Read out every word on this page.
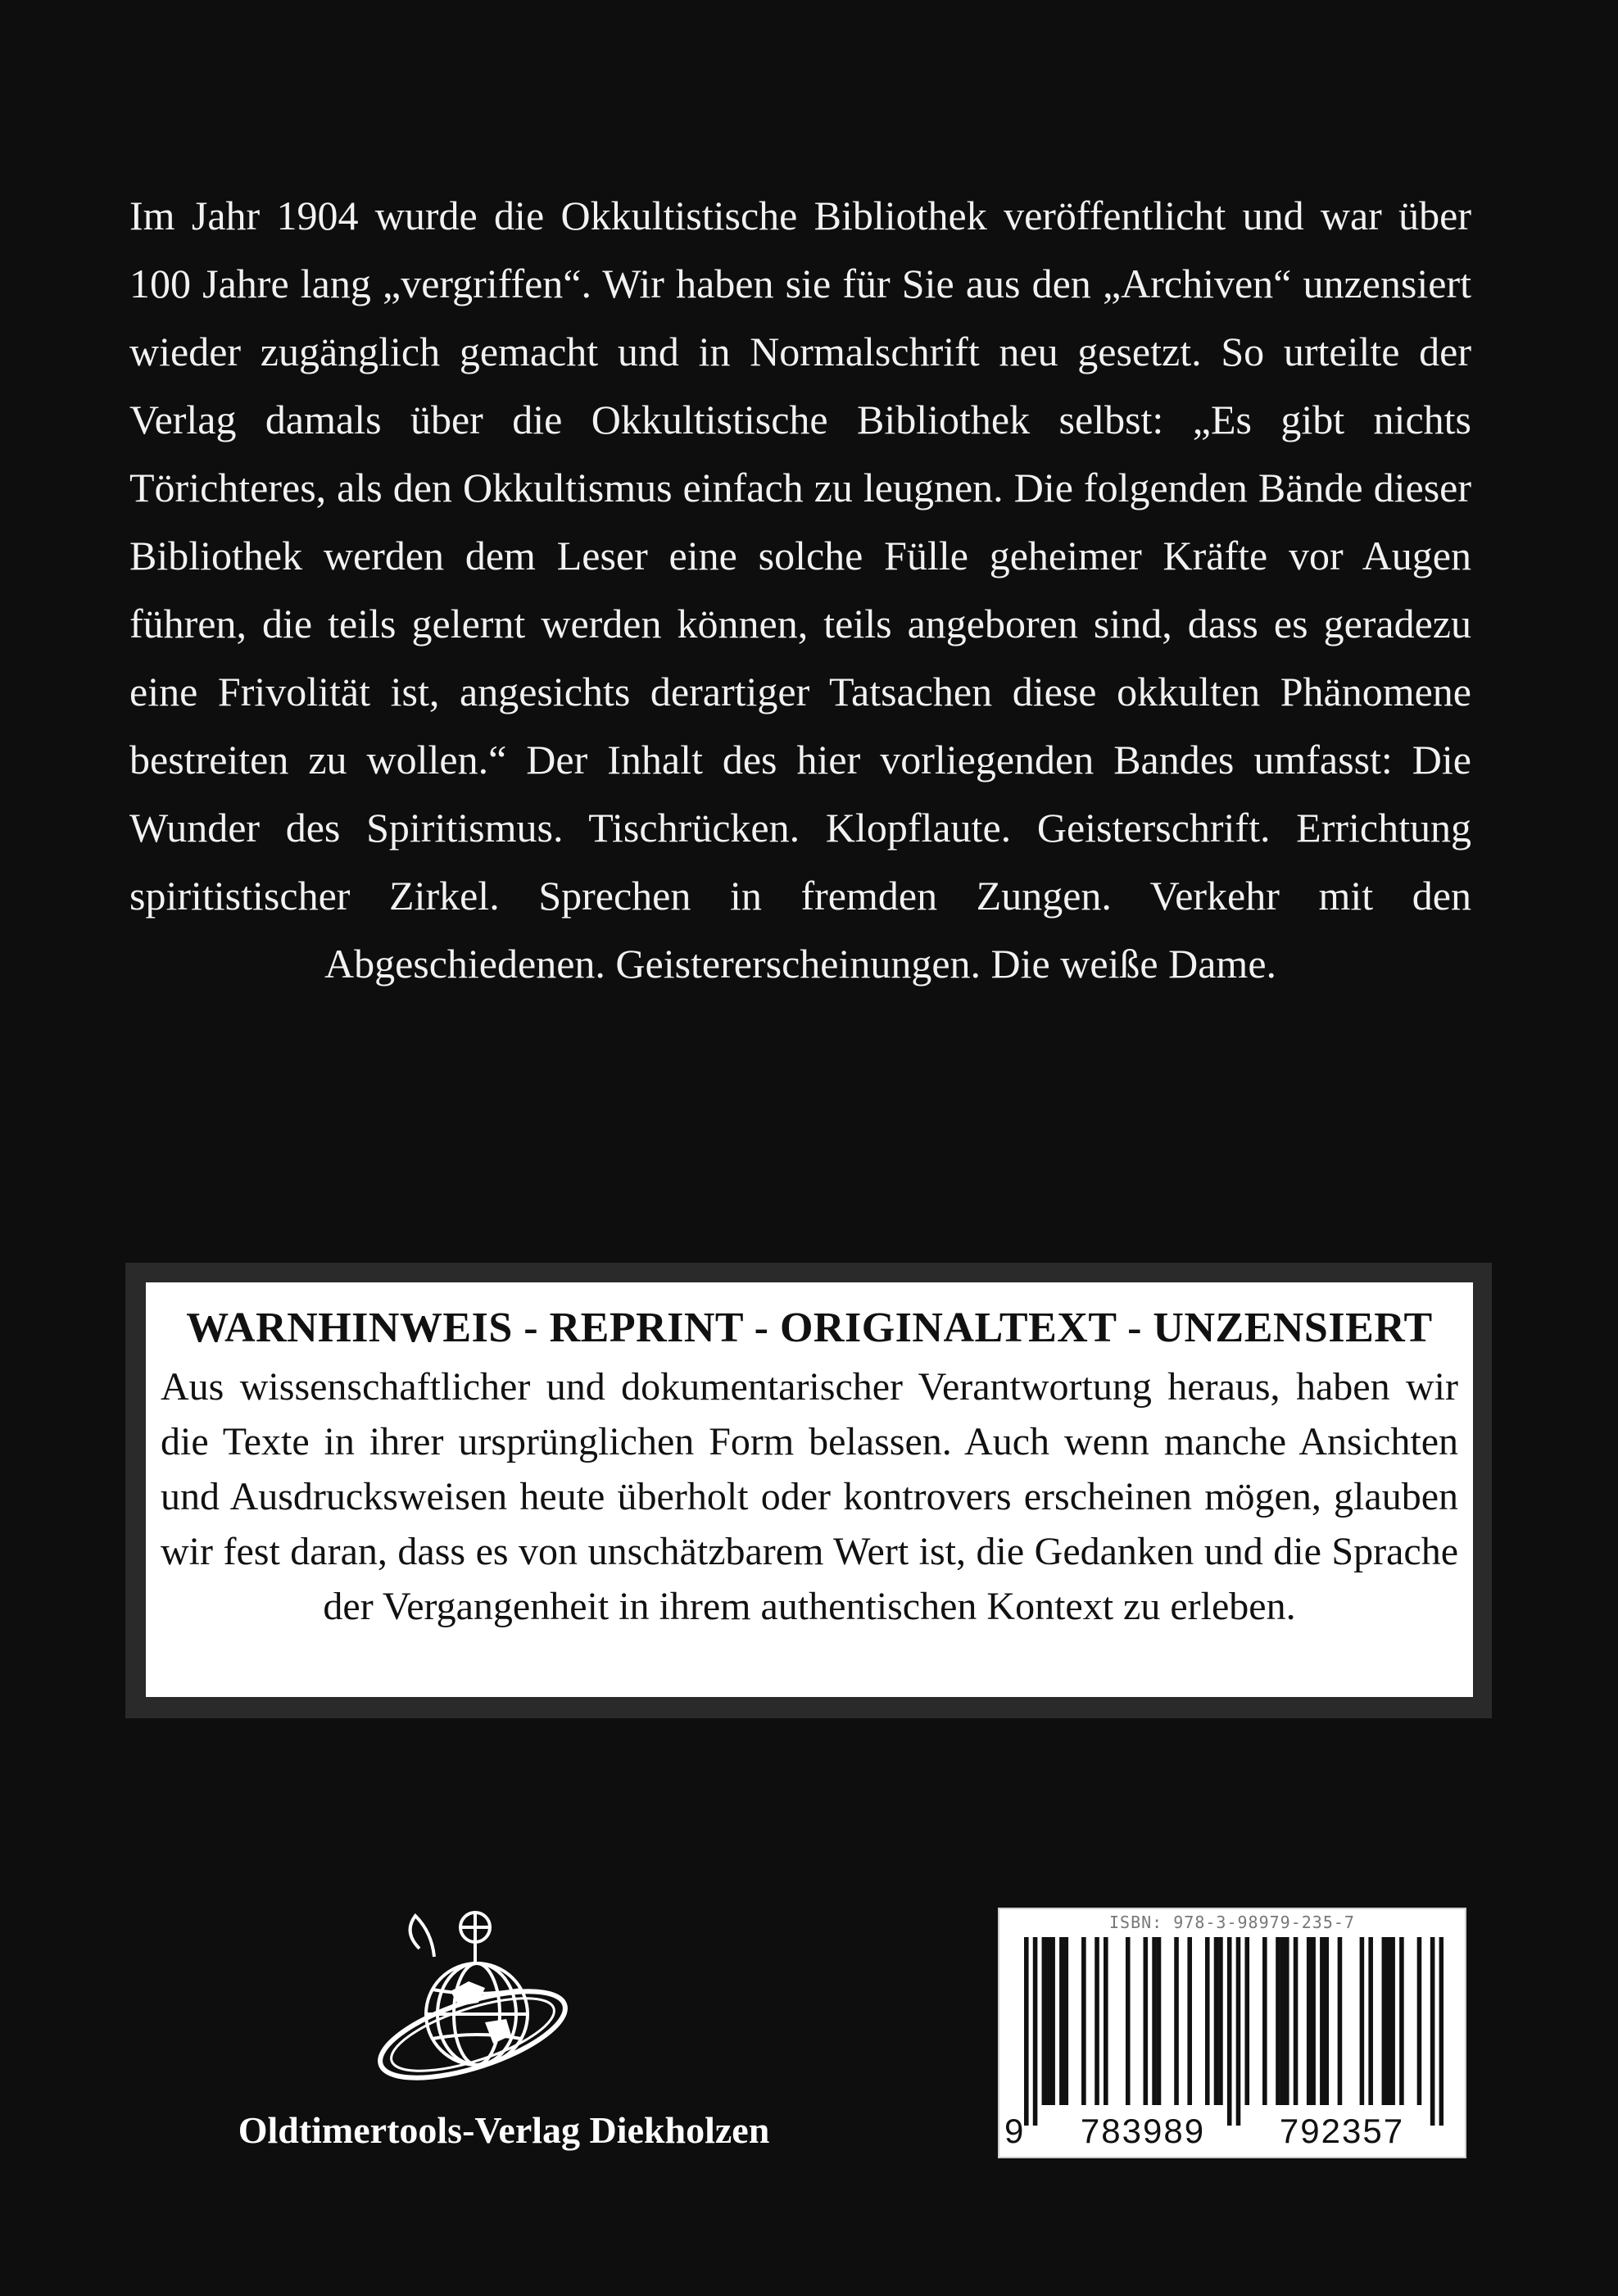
Im Jahr 1904 wurde die Okkultistische Bibliothek veröffentlicht und war über 100 Jahre lang „vergriffen“. Wir haben sie für Sie aus den „Archiven“ unzensiert wieder zugänglich gemacht und in Normalschrift neu gesetzt. So urteilte der Verlag damals über die Okkultistische Bibliothek selbst: „Es gibt nichts Törichteres, als den Okkultismus einfach zu leugnen. Die folgenden Bände dieser Bibliothek werden dem Leser eine solche Fülle geheimer Kräfte vor Augen führen, die teils gelernt werden können, teils angeboren sind, dass es geradezu eine Frivolität ist, angesichts derartiger Tatsachen diese okkulten Phänomene bestreiten zu wollen.“ Der Inhalt des hier vorliegenden Bandes umfasst: Die Wunder des Spiritismus. Tischrücken. Klopflaute. Geisterschrift. Errichtung spiritistischer Zirkel. Sprechen in fremden Zungen. Verkehr mit den Abgeschiedenen. Geistererscheinungen. Die weiße Dame.

WARNHINWEIS - REPRINT - ORIGINALTEXT - UNZENSIERT

Aus wissenschaftlicher und dokumentarischer Verantwortung heraus, haben wir die Texte in ihrer ursprünglichen Form belassen. Auch wenn manche Ansichten und Ausdrucksweisen heute überholt oder kontrovers erscheinen mögen, glauben wir fest daran, dass es von unschätzbarem Wert ist, die Gedanken und die Sprache der Vergangenheit in ihrem authentischen Kontext zu erleben.

Oldtimertools-Verlag Diekholzen
ISBN: 978-3-98979-235-7
9	783989	792357
